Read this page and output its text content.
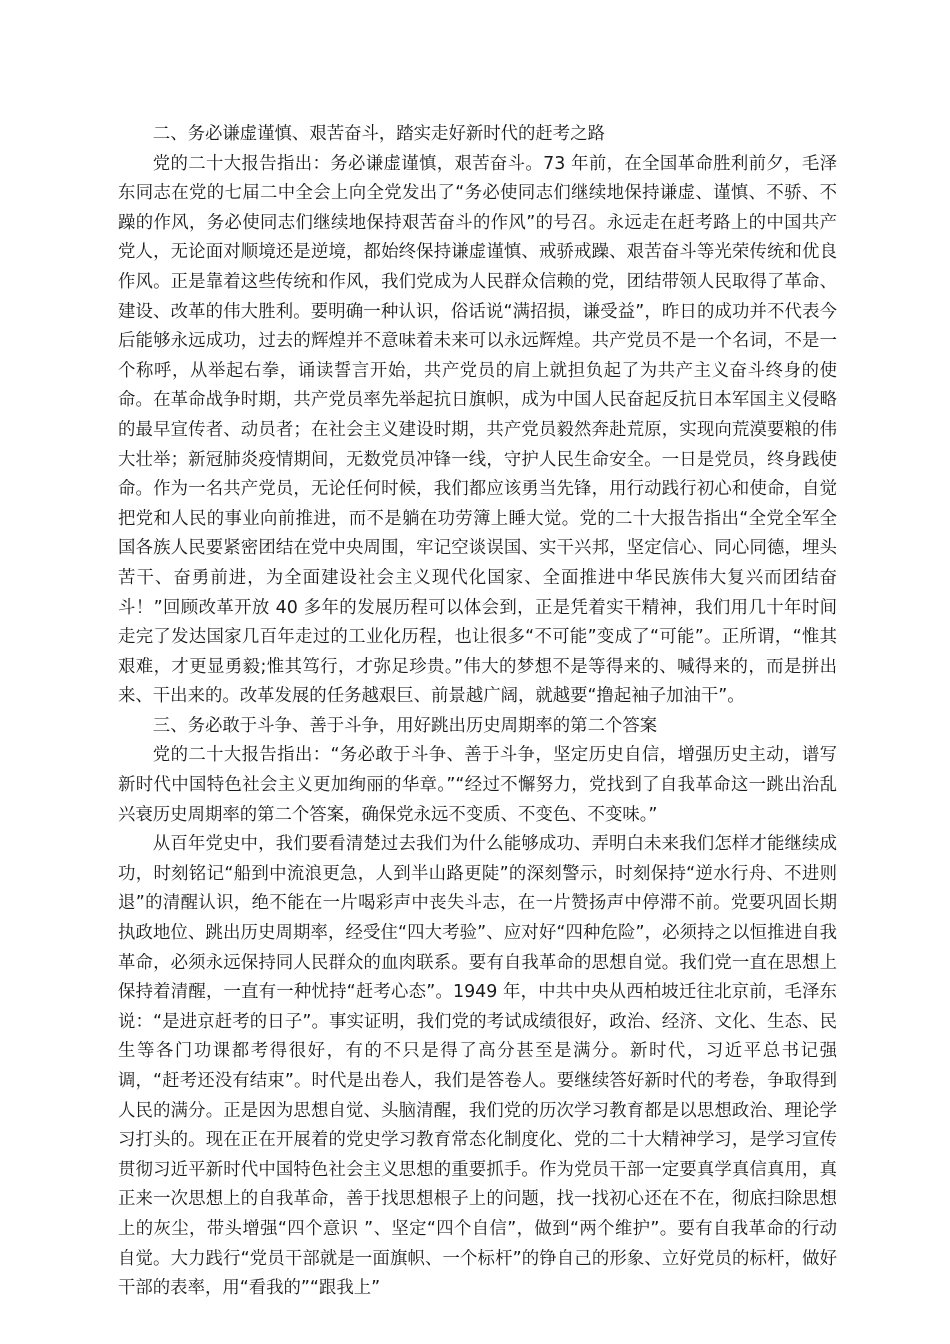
二、务必谦虚谨慎、艰苦奋斗，踏实走好新时代的赶考之路

党的二十大报告指出：务必谦虚谨慎，艰苦奋斗。73 年前，在全国革命胜利前夕，毛泽东同志在党的七届二中全会上向全党发出了“务必使同志们继续地保持谦虚、谨慎、不骄、不躁的作风，务必使同志们继续地保持艰苦奋斗的作风”的号召。永远走在赶考路上的中国共产党人，无论面对顺境还是逆境，都始终保持谦虚谨慎、戒骄戒躁、艰苦奋斗等光荣传统和优良作风。正是靠着这些传统和作风，我们党成为人民群众信赖的党，团结带领人民取得了革命、建设、改革的伟大胜利。要明确一种认识，俗话说“满招损，谦受益”，昨日的成功并不代表今后能够永远成功，过去的辉煌并不意味着未来可以永远辉煌。共产党员不是一个名词，不是一个称呼，从举起右拳，诵读誓言开始，共产党员的肩上就担负起了为共产主义奋斗终身的使命。在革命战争时期，共产党员率先举起抗日旗帜，成为中国人民奋起反抗日本军国主义侵略的最早宣传者、动员者；在社会主义建设时期，共产党员毅然奔赴荒原，实现向荒漠要粮的伟大壮举；新冠肺炎疫情期间，无数党员冲锋一线，守护人民生命安全。一日是党员，终身践使命。作为一名共产党员，无论任何时候，我们都应该勇当先锋，用行动践行初心和使命，自觉把党和人民的事业向前推进，而不是躺在功劳簿上睡大觉。党的二十大报告指出“全党全军全国各族人民要紧密团结在党中央周围，牢记空谈误国、实干兴邦，坚定信心、同心同德，埋头苦干、奋勇前进，为全面建设社会主义现代化国家、全面推进中华民族伟大复兴而团结奋斗！”回顾改革开放 40 多年的发展历程可以体会到，正是凭着实干精神，我们用几十年时间走完了发达国家几百年走过的工业化历程，也让很多“不可能”变成了“可能”。正所谓，“惟其艰难，才更显勇毅;惟其笃行，才弥足珍贵。”伟大的梦想不是等得来的、喊得来的，而是拼出来、干出来的。改革发展的任务越艰巨、前景越广阔，就越要“撸起袖子加油干”。

三、务必敢于斗争、善于斗争，用好跳出历史周期率的第二个答案

党的二十大报告指出：“务必敢于斗争、善于斗争，坚定历史自信，增强历史主动，谱写新时代中国特色社会主义更加绚丽的华章。”“经过不懈努力，党找到了自我革命这一跳出治乱兴衰历史周期率的第二个答案，确保党永远不变质、不变色、不变味。”

从百年党史中，我们要看清楚过去我们为什么能够成功、弄明白未来我们怎样才能继续成功，时刻铭记“船到中流浪更急，人到半山路更陡”的深刻警示，时刻保持“逆水行舟、不进则退”的清醒认识，绝不能在一片喝彩声中丧失斗志，在一片赞扬声中停滞不前。党要巩固长期执政地位、跳出历史周期率，经受住“四大考验”、应对好“四种危险”，必须持之以恒推进自我革命，必须永远保持同人民群众的血肉联系。要有自我革命的思想自觉。我们党一直在思想上保持着清醒，一直有一种忧持“赶考心态”。1949 年，中共中央从西柏坡迁往北京前，毛泽东说：“是进京赶考的日子”。事实证明，我们党的考试成绩很好，政治、经济、文化、生态、民生等各门功课都考得很好，有的不只是得了高分甚至是满分。新时代，习近平总书记强调，“赶考还没有结束”。时代是出卷人，我们是答卷人。要继续答好新时代的考卷，争取得到人民的满分。正是因为思想自觉、头脑清醒，我们党的历次学习教育都是以思想政治、理论学习打头的。现在正在开展着的党史学习教育常态化制度化、党的二十大精神学习，是学习宣传贯彻习近平新时代中国特色社会主义思想的重要抓手。作为党员干部一定要真学真信真用，真正来一次思想上的自我革命，善于找思想根子上的问题，找一找初心还在不在，彻底扫除思想上的灰尘，带头增强“四个意识 ”、坚定“四个自信”，做到“两个维护”。要有自我革命的行动自觉。大力践行“党员干部就是一面旗帜、一个标杆”的铮自己的形象、立好党员的标杆，做好干部的表率，用“看我的”“跟我上”
